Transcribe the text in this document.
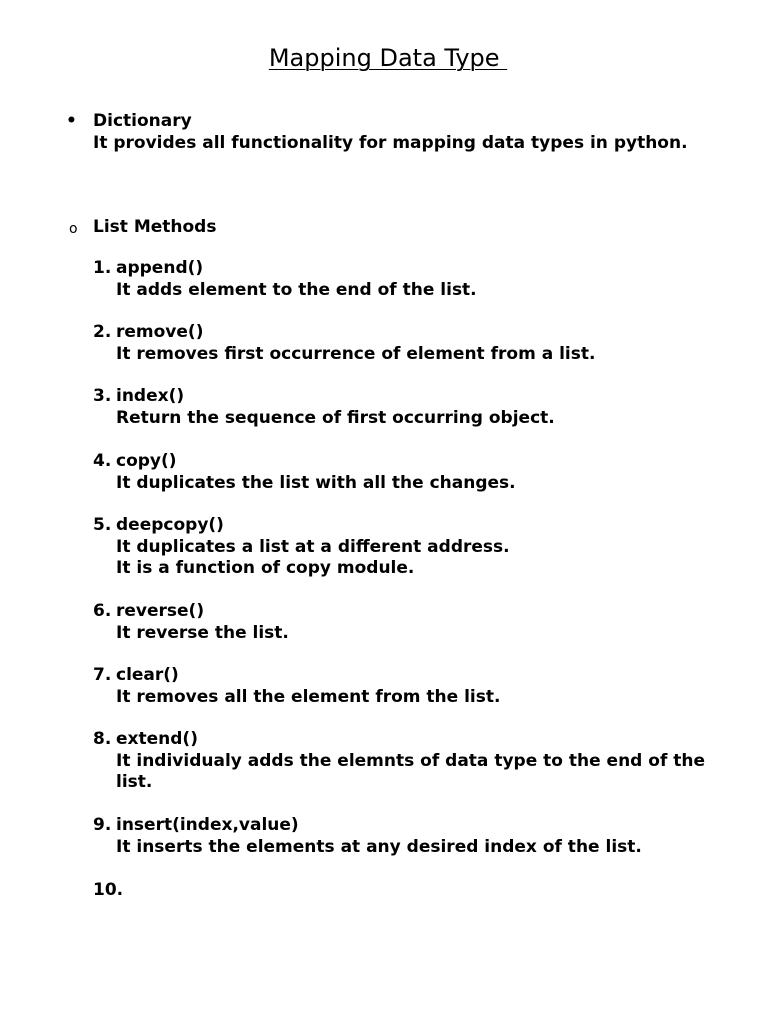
Mapping Data Type
• Dictionary
It provides all functionality for mapping data types in python.
o List Methods
1. append()
It adds element to the end of the list.
2. remove()
It removes first occurrence of element from a list.
3. index()
Return the sequence of first occurring object.
4. copy()
It duplicates the list with all the changes.
5. deepcopy()
It duplicates a list at a different address.
It is a function of copy module.
6. reverse()
It reverse the list.
7. clear()
It removes all the element from the list.
8. extend()
It individualy adds the elemnts of data type to the end of the list.
9. insert(index,value)
It inserts the elements at any desired index of the list.
10.
